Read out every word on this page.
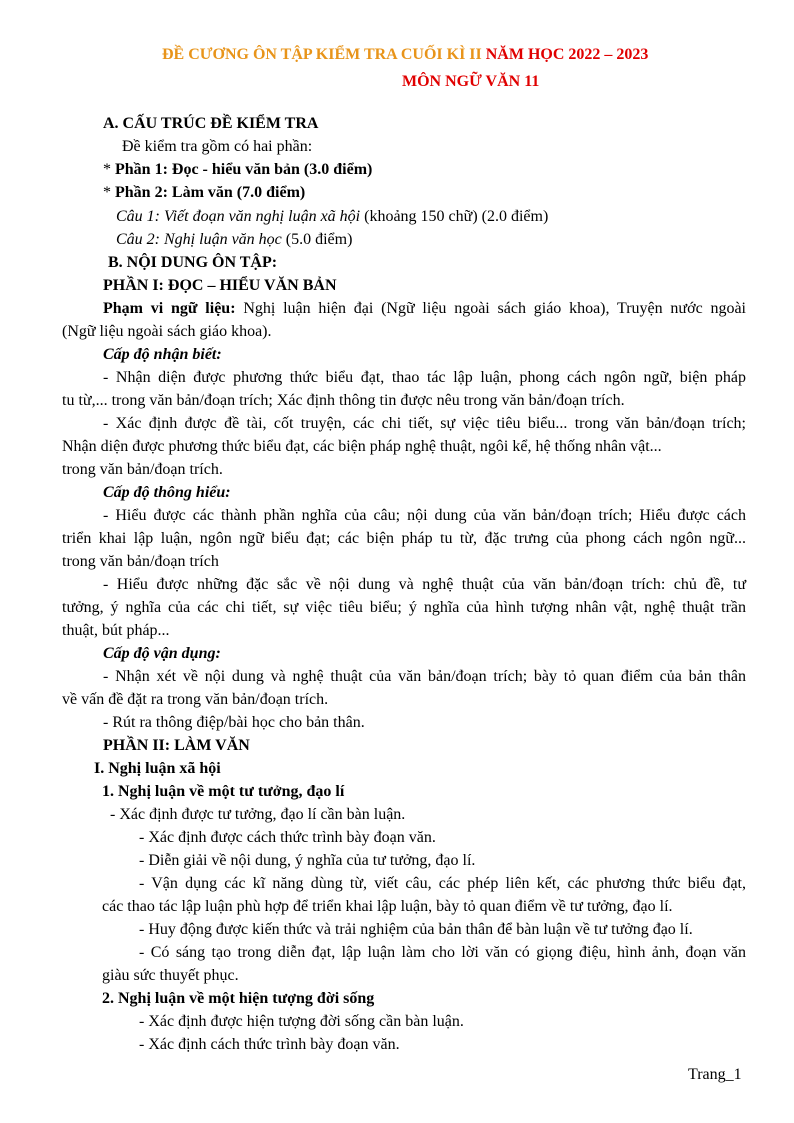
ĐỀ CƯƠNG ÔN TẬP KIỂM TRA CUỐI KÌ II NĂM HỌC 2022 – 2023
MÔN NGỮ VĂN 11
A. CẤU TRÚC ĐỀ KIỂM TRA
Đề kiểm tra gồm có hai phần:
* Phần 1: Đọc - hiểu văn bản (3.0 điểm)
* Phần 2: Làm văn (7.0 điểm)
Câu 1: Viết đoạn văn nghị luận xã hội (khoảng 150 chữ) (2.0 điểm)
Câu 2: Nghị luận văn học (5.0 điểm)
B. NỘI DUNG ÔN TẬP:
PHẦN I: ĐỌC – HIỂU VĂN BẢN
Phạm vi ngữ liệu: Nghị luận hiện đại (Ngữ liệu ngoài sách giáo khoa), Truyện nước ngoài
(Ngữ liệu ngoài sách giáo khoa).
Cấp độ nhận biết:
- Nhận diện được phương thức biểu đạt, thao tác lập luận, phong cách ngôn ngữ, biện pháp
tu từ,... trong văn bản/đoạn trích; Xác định thông tin được nêu trong văn bản/đoạn trích.
- Xác định được đề tài, cốt truyện, các chi tiết, sự việc tiêu biểu... trong văn bản/đoạn trích;
Nhận diện được phương thức biểu đạt, các biện pháp nghệ thuật, ngôi kể, hệ thống nhân vật...
trong văn bản/đoạn trích.
Cấp độ thông hiểu:
- Hiểu được các thành phần nghĩa của câu; nội dung của văn bản/đoạn trích; Hiểu được cách
triển khai lập luận, ngôn ngữ biểu đạt; các biện pháp tu từ, đặc trưng của phong cách ngôn ngữ...
trong văn bản/đoạn trích
- Hiểu được những đặc sắc về nội dung và nghệ thuật của văn bản/đoạn trích: chủ đề, tư
tưởng, ý nghĩa của các chi tiết, sự việc tiêu biểu; ý nghĩa của hình tượng nhân vật, nghệ thuật trần
thuật, bút pháp...
Cấp độ vận dụng:
- Nhận xét về nội dung và nghệ thuật của văn bản/đoạn trích; bày tỏ quan điểm của bản thân
về vấn đề đặt ra trong văn bản/đoạn trích.
- Rút ra thông điệp/bài học cho bản thân.
PHẦN II: LÀM VĂN
I. Nghị luận xã hội
1. Nghị luận về một tư tưởng, đạo lí
- Xác định được tư tưởng, đạo lí cần bàn luận.
- Xác định được cách thức trình bày đoạn văn.
- Diễn giải về nội dung, ý nghĩa của tư tưởng, đạo lí.
- Vận dụng các kĩ năng dùng từ, viết câu, các phép liên kết, các phương thức biểu đạt,
các thao tác lập luận phù hợp để triển khai lập luận, bày tỏ quan điểm về tư tưởng, đạo lí.
- Huy động được kiến thức và trải nghiệm của bản thân để bàn luận về tư tưởng đạo lí.
- Có sáng tạo trong diễn đạt, lập luận làm cho lời văn có giọng điệu, hình ảnh, đoạn văn
giàu sức thuyết phục.
2. Nghị luận về một hiện tượng đời sống
- Xác định được hiện tượng đời sống cần bàn luận.
- Xác định cách thức trình bày đoạn văn.
Trang_1
